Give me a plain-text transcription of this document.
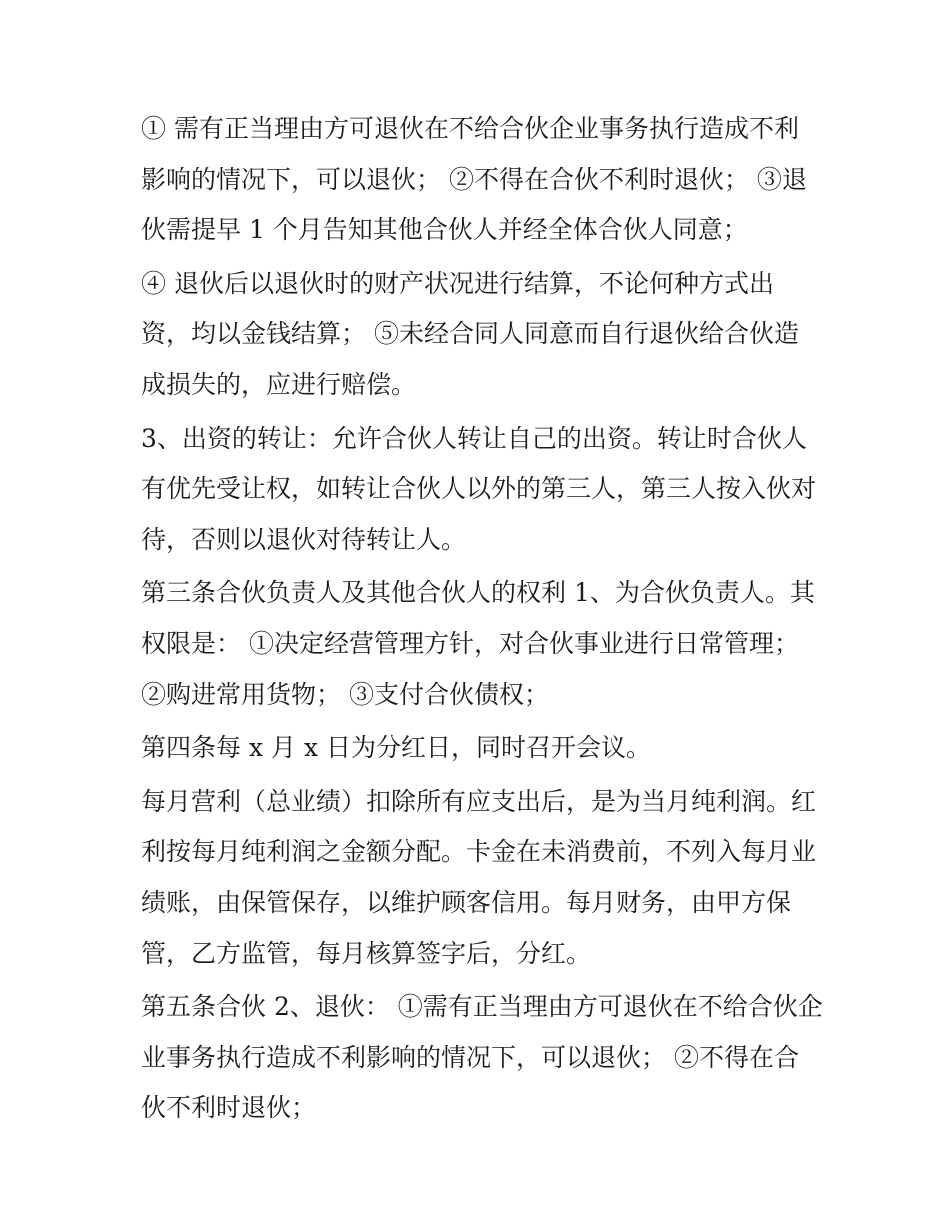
① 需有正当理由方可退伙在不给合伙企业事务执行造成不利
影响的情况下，可以退伙； ②不得在合伙不利时退伙； ③退
伙需提早 1 个月告知其他合伙人并经全体合伙人同意；

④ 退伙后以退伙时的财产状况进行结算，不论何种方式出
资，均以金钱结算； ⑤未经合同人同意而自行退伙给合伙造
成损失的，应进行赔偿。

3、出资的转让：允许合伙人转让自己的出资。转让时合伙人
有优先受让权，如转让合伙人以外的第三人，第三人按入伙对
待，否则以退伙对待转让人。

第三条合伙负责人及其他合伙人的权利 1、为合伙负责人。其
权限是： ①决定经营管理方针，对合伙事业进行日常管理；
②购进常用货物； ③支付合伙债权；

第四条每 x 月 x 日为分红日，同时召开会议。

每月营利（总业绩）扣除所有应支出后，是为当月纯利润。红
利按每月纯利润之金额分配。卡金在未消费前，不列入每月业
绩账，由保管保存，以维护顾客信用。每月财务，由甲方保
管，乙方监管，每月核算签字后，分红。

第五条合伙 2、退伙： ①需有正当理由方可退伙在不给合伙企
业事务执行造成不利影响的情况下，可以退伙； ②不得在合
伙不利时退伙；
